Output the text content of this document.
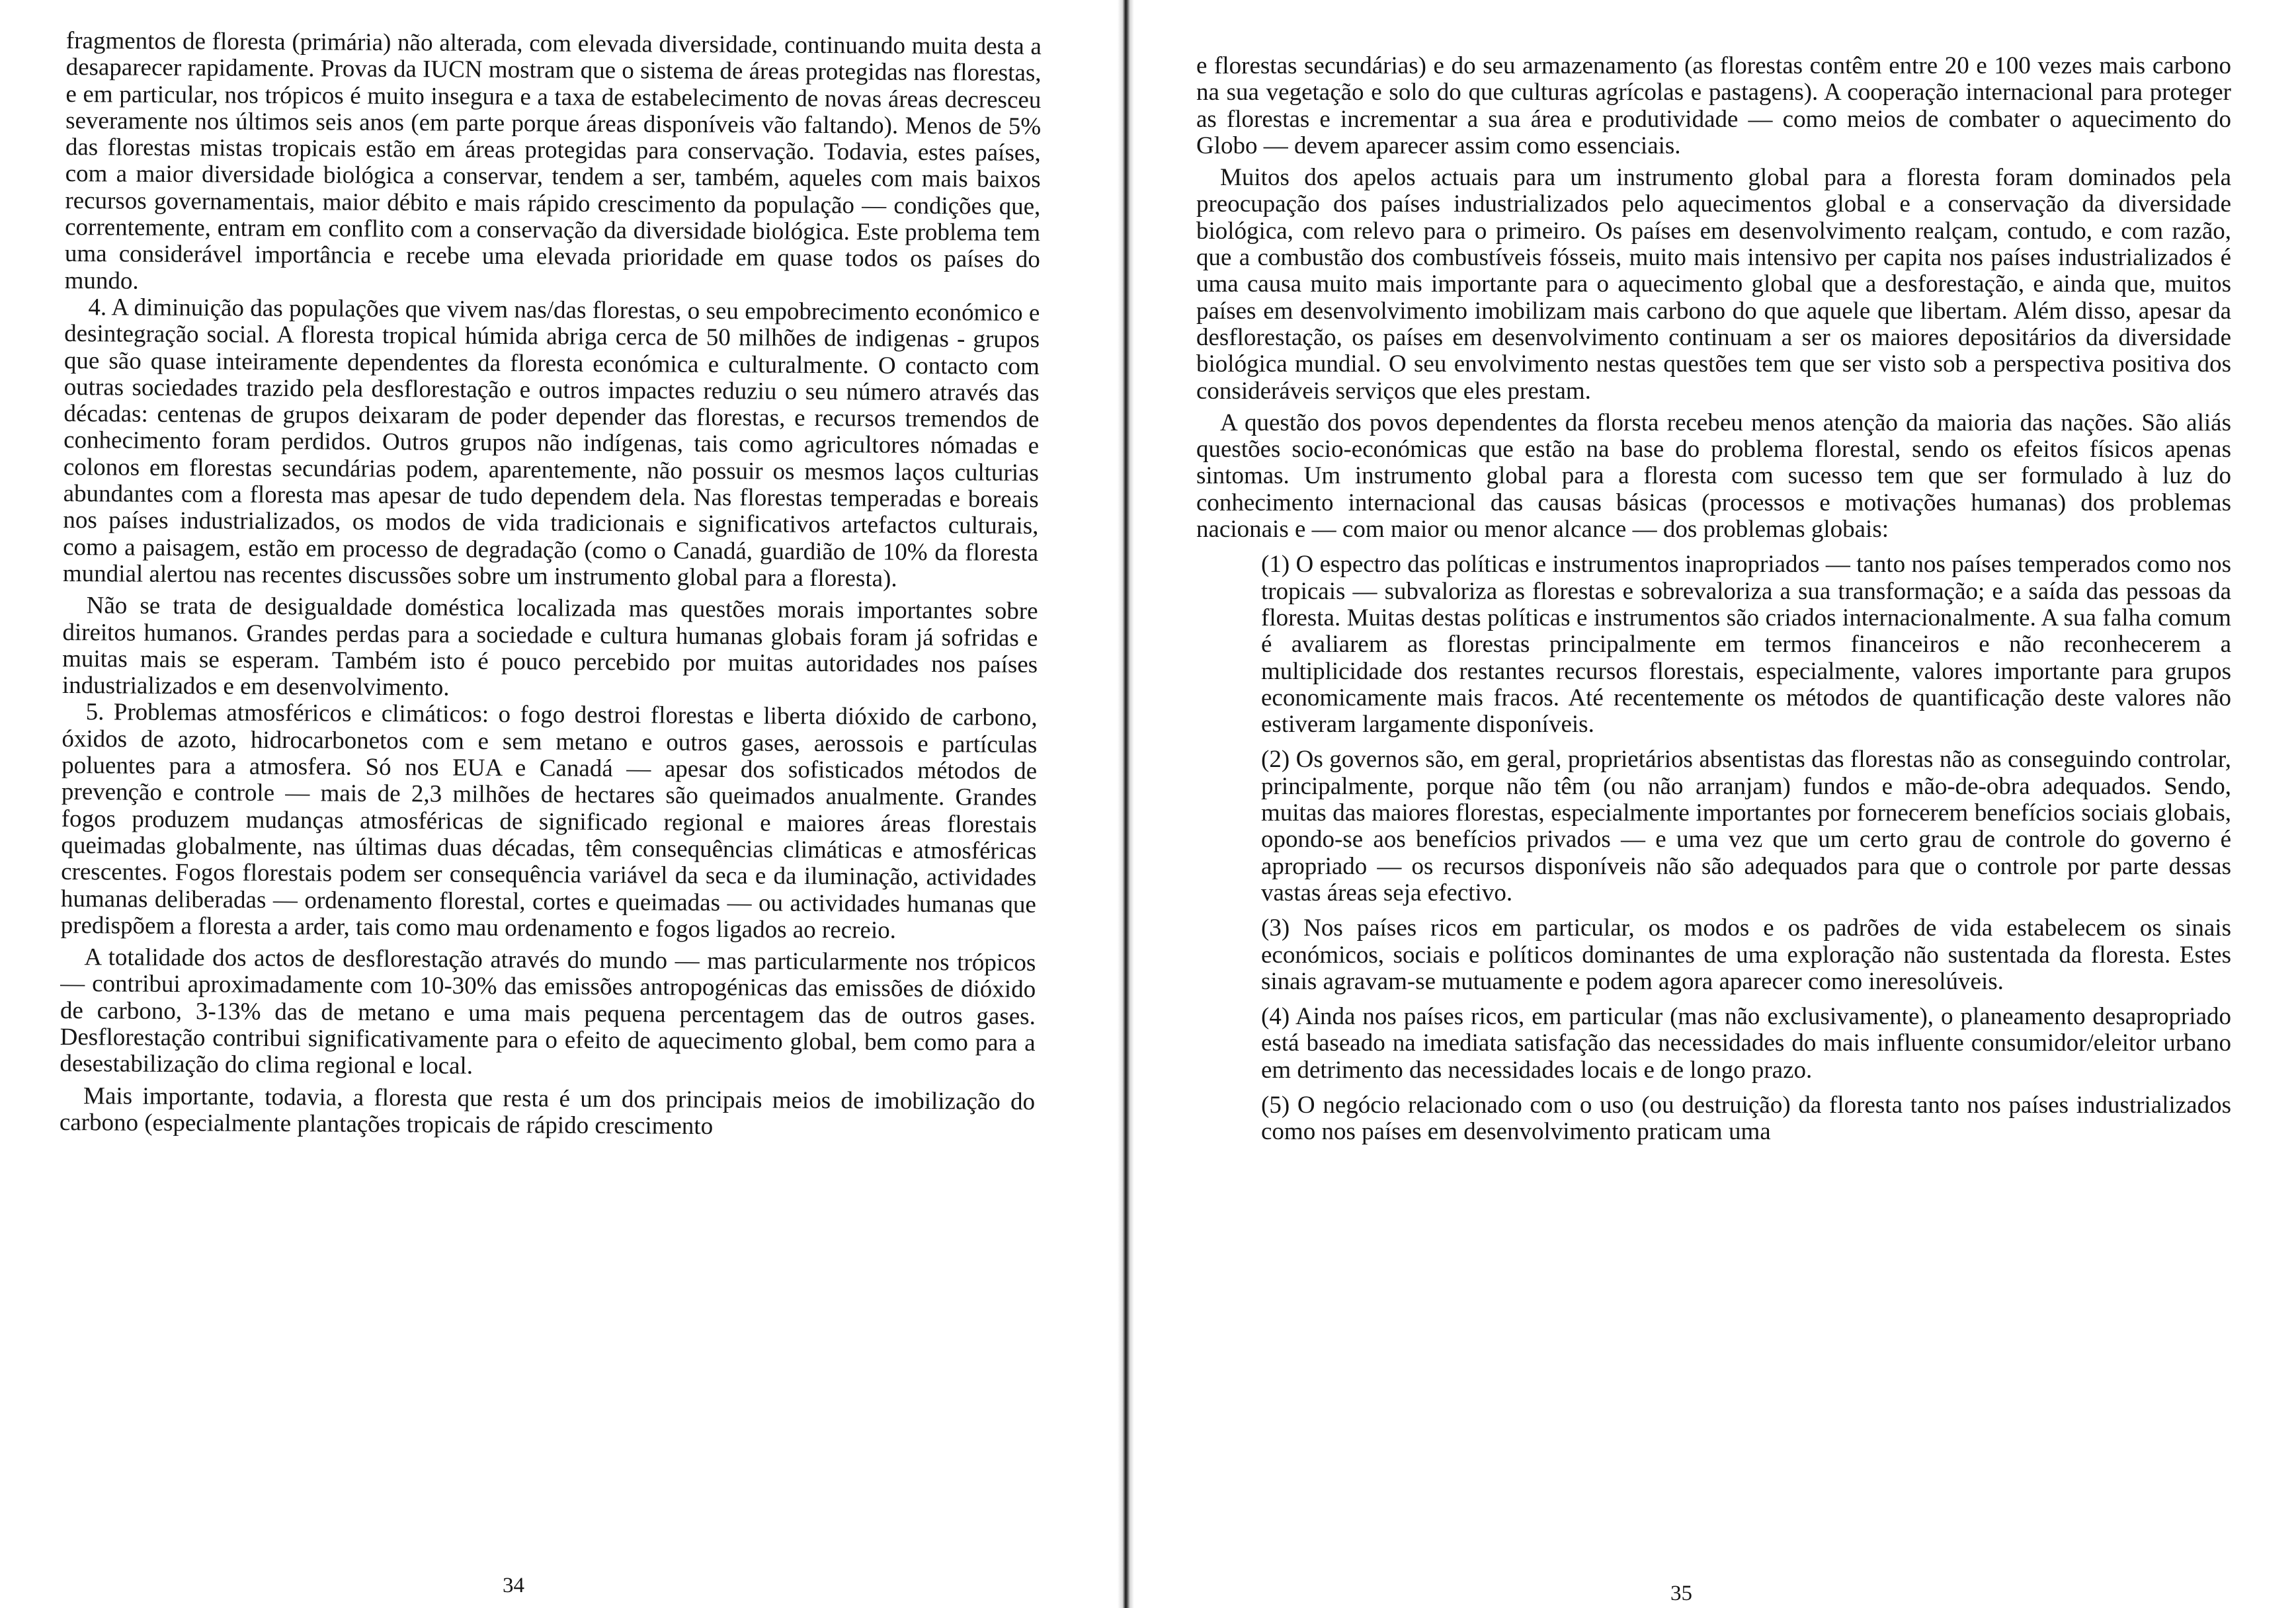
fragmentos de floresta (primária) não alterada, com elevada diversidade, continuando muita desta a desaparecer rapidamente. Provas da IUCN mostram que o sistema de áreas protegidas nas florestas, e em particular, nos trópicos é muito insegura e a taxa de estabelecimento de novas áreas decresceu severamente nos últimos seis anos (em parte porque áreas disponíveis vão faltando). Menos de 5% das florestas mistas tropicais estão em áreas protegidas para conservação. Todavia, estes países, com a maior diversidade biológica a conservar, tendem a ser, também, aqueles com mais baixos recursos governamentais, maior débito e mais rápido crescimento da população — condições que, correntemente, entram em conflito com a conservação da diversidade biológica. Este problema tem uma considerável importância e recebe uma elevada prioridade em quase todos os países do mundo.

4. A diminuição das populações que vivem nas/das florestas, o seu empobrecimento económico e desintegração social. A floresta tropical húmida abriga cerca de 50 milhões de indigenas - grupos que são quase inteiramente dependentes da floresta económica e culturalmente. O contacto com outras sociedades trazido pela desflorestação e outros impactes reduziu o seu número através das décadas: centenas de grupos deixaram de poder depender das florestas, e recursos tremendos de conhecimento foram perdidos. Outros grupos não indígenas, tais como agricultores nómadas e colonos em florestas secundárias podem, aparentemente, não possuir os mesmos laços culturias abundantes com a floresta mas apesar de tudo dependem dela. Nas florestas temperadas e boreais nos países industrializados, os modos de vida tradicionais e significativos artefactos culturais, como a paisagem, estão em processo de degradação (como o Canadá, guardião de 10% da floresta mundial alertou nas recentes discussões sobre um instrumento global para a floresta).

Não se trata de desigualdade doméstica localizada mas questões morais importantes sobre direitos humanos. Grandes perdas para a sociedade e cultura humanas globais foram já sofridas e muitas mais se esperam. Também isto é pouco percebido por muitas autoridades nos países industrializados e em desenvolvimento.

5. Problemas atmosféricos e climáticos: o fogo destroi florestas e liberta dióxido de carbono, óxidos de azoto, hidrocarbonetos com e sem metano e outros gases, aerossois e partículas poluentes para a atmosfera. Só nos EUA e Canadá — apesar dos sofisticados métodos de prevenção e controle — mais de 2,3 milhões de hectares são queimados anualmente. Grandes fogos produzem mudanças atmosféricas de significado regional e maiores áreas florestais queimadas globalmente, nas últimas duas décadas, têm consequências climáticas e atmosféricas crescentes. Fogos florestais podem ser consequência variável da seca e da iluminação, actividades humanas deliberadas — ordenamento florestal, cortes e queimadas — ou actividades humanas que predispõem a floresta a arder, tais como mau ordenamento e fogos ligados ao recreio.

A totalidade dos actos de desflorestação através do mundo — mas particularmente nos trópicos — contribui aproximadamente com 10-30% das emissões antropogénicas das emissões de dióxido de carbono, 3-13% das de metano e uma mais pequena percentagem das de outros gases. Desflorestação contribui significativamente para o efeito de aquecimento global, bem como para a desestabilização do clima regional e local.

Mais importante, todavia, a floresta que resta é um dos principais meios de imobilização do carbono (especialmente plantações tropicais de rápido crescimento

34

e florestas secundárias) e do seu armazenamento (as florestas contêm entre 20 e 100 vezes mais carbono na sua vegetação e solo do que culturas agrícolas e pastagens). A cooperação internacional para proteger as florestas e incrementar a sua área e produtividade — como meios de combater o aquecimento do Globo — devem aparecer assim como essenciais.

Muitos dos apelos actuais para um instrumento global para a floresta foram dominados pela preocupação dos países industrializados pelo aquecimentos global e a conservação da diversidade biológica, com relevo para o primeiro. Os países em desenvolvimento realçam, contudo, e com razão, que a combustão dos combustíveis fósseis, muito mais intensivo per capita nos países industrializados é uma causa muito mais importante para o aquecimento global que a desforestação, e ainda que, muitos países em desenvolvimento imobilizam mais carbono do que aquele que libertam. Além disso, apesar da desflorestação, os países em desenvolvimento continuam a ser os maiores depositários da diversidade biológica mundial. O seu envolvimento nestas questões tem que ser visto sob a perspectiva positiva dos consideráveis serviços que eles prestam.

A questão dos povos dependentes da florsta recebeu menos atenção da maioria das nações. São aliás questões socio-económicas que estão na base do problema florestal, sendo os efeitos físicos apenas sintomas. Um instrumento global para a floresta com sucesso tem que ser formulado à luz do conhecimento internacional das causas básicas (processos e motivações humanas) dos problemas nacionais e — com maior ou menor alcance — dos problemas globais:

(1) O espectro das políticas e instrumentos inapropriados — tanto nos países temperados como nos tropicais — subvaloriza as florestas e sobrevaloriza a sua transformação; e a saída das pessoas da floresta. Muitas destas políticas e instrumentos são criados internacionalmente. A sua falha comum é avaliarem as florestas principalmente em termos financeiros e não reconhecerem a multiplicidade dos restantes recursos florestais, especialmente, valores importante para grupos economicamente mais fracos. Até recentemente os métodos de quantificação deste valores não estiveram largamente disponíveis.

(2) Os governos são, em geral, proprietários absentistas das florestas não as conseguindo controlar, principalmente, porque não têm (ou não arranjam) fundos e mão-de-obra adequados. Sendo, muitas das maiores florestas, especialmente importantes por fornecerem benefícios sociais globais, opondo-se aos benefícios privados — e uma vez que um certo grau de controle do governo é apropriado — os recursos disponíveis não são adequados para que o controle por parte dessas vastas áreas seja efectivo.

(3) Nos países ricos em particular, os modos e os padrões de vida estabelecem os sinais económicos, sociais e políticos dominantes de uma exploração não sustentada da floresta. Estes sinais agravam-se mutuamente e podem agora aparecer como ineresolúveis.

(4) Ainda nos países ricos, em particular (mas não exclusivamente), o planeamento desapropriado está baseado na imediata satisfação das necessidades do mais influente consumidor/eleitor urbano em detrimento das necessidades locais e de longo prazo.

(5) O negócio relacionado com o uso (ou destruição) da floresta tanto nos países industrializados como nos países em desenvolvimento praticam uma

35
